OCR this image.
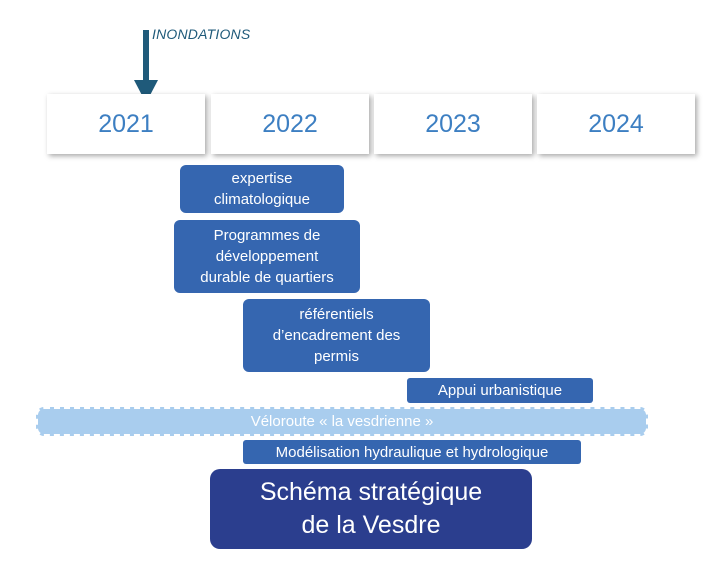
INONDATIONS
2021	2022	2023	2024
expertise
climatologique
Programmes de
développement
durable de quartiers
référentiels
d’encadrement des
permis
Appui urbanistique
Véloroute « la vesdrienne »
Modélisation hydraulique et hydrologique
Schéma stratégique
de la Vesdre
